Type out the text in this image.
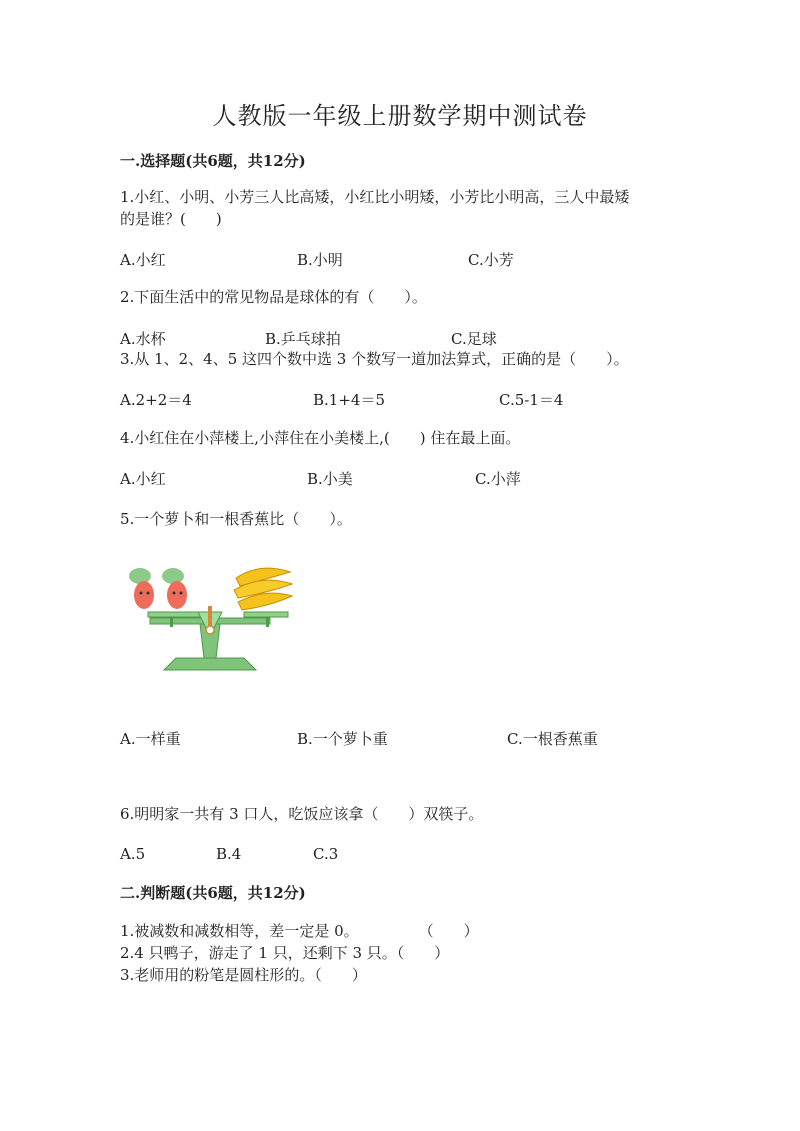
人教版一年级上册数学期中测试卷
一.选择题(共6题，共12分)
1.小红、小明、小芳三人比高矮，小红比小明矮，小芳比小明高，三人中最矮
的是谁？(　　)
A.小红	B.小明	C.小芳
2.下面生活中的常见物品是球体的有（　　）。
A.水杯	B.乒乓球拍	C.足球
3.从 1、2、4、5 这四个数中选 3 个数写一道加法算式，正确的是（　　）。
A.2+2＝4	B.1+4＝5	C.5-1＝4
4.小红住在小萍楼上,小萍住在小美楼上,(　　) 住在最上面。
A.小红	B.小美	C.小萍
5.一个萝卜和一根香蕉比（　　）。
A.一样重	B.一个萝卜重	C.一根香蕉重
6.明明家一共有 3 口人，吃饭应该拿（　　）双筷子。
A.5	B.4	C.3
二.判断题(共6题，共12分)
1.被减数和减数相等，差一定是 0。　　　　　（　　）
2.4 只鸭子，游走了 1 只，还剩下 3 只。（　　）
3.老师用的粉笔是圆柱形的。（　　）
